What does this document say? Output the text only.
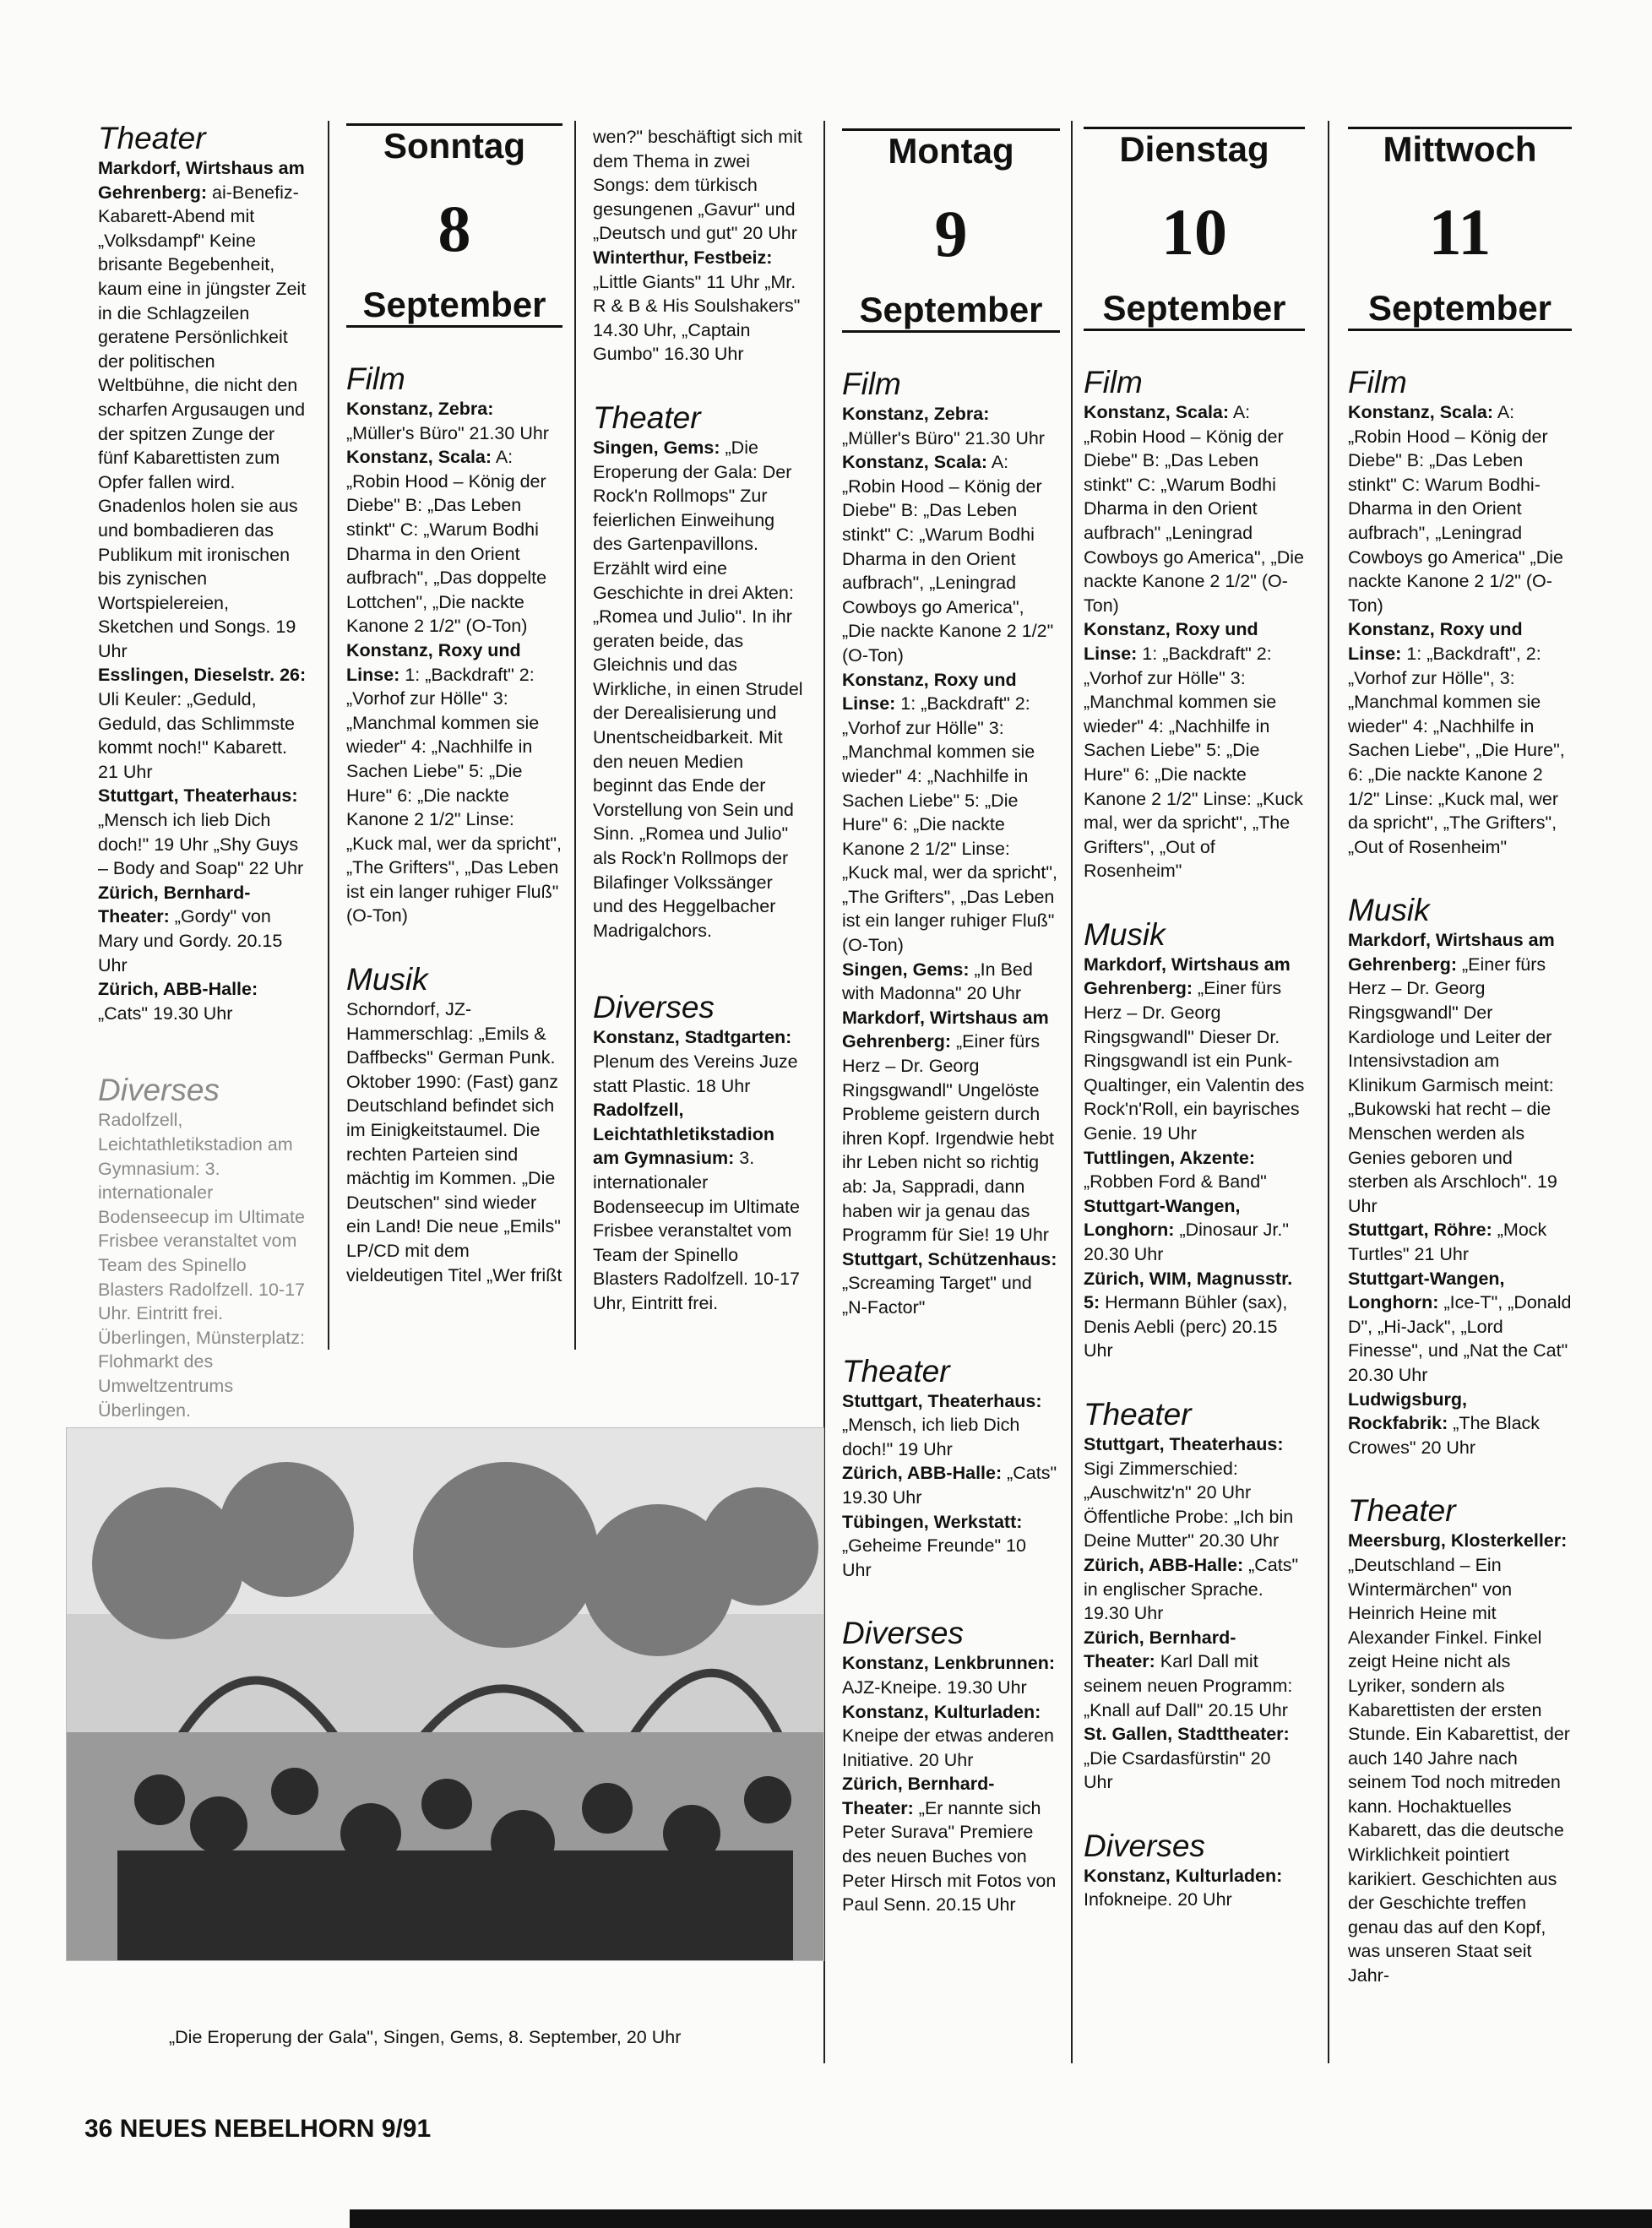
Theater

Markdorf, Wirtshaus am Gehrenberg: ai-Benefiz-Kabarett-Abend mit „Volksdampf" Keine brisante Begebenheit, kaum eine in jüngster Zeit in die Schlagzeilen geratene Persönlichkeit der politischen Weltbühne, die nicht den scharfen Argusaugen und der spitzen Zunge der fünf Kabarettisten zum Opfer fallen wird. Gnadenlos holen sie aus und bombadieren das Publikum mit ironischen bis zynischen Wortspielereien, Sketchen und Songs. 19 Uhr

Esslingen, Dieselstr. 26: Uli Keuler: „Geduld, Geduld, das Schlimmste kommt noch!" Kabarett. 21 Uhr

Stuttgart, Theaterhaus: „Mensch ich lieb Dich doch!" 19 Uhr „Shy Guys – Body and Soap" 22 Uhr

Zürich, Bernhard-Theater: „Gordy" von Mary und Gordy. 20.15 Uhr

Zürich, ABB-Halle: „Cats" 19.30 Uhr

Diverses

Radolfzell, Leichtathletikstadion am Gymnasium: 3. internationaler Bodenseecup im Ultimate Frisbee veranstaltet vom Team des Spinello Blasters Radolfzell. 10-17 Uhr. Eintritt frei. Überlingen, Münsterplatz: Flohmarkt des Umweltzentrums Überlingen.

Sonntag
8
September
Film

Konstanz, Zebra: „Müller's Büro" 21.30 Uhr

Konstanz, Scala: A: „Robin Hood – König der Diebe" B: „Das Leben stinkt" C: „Warum Bodhi Dharma in den Orient aufbrach", „Das doppelte Lottchen", „Die nackte Kanone 2 1/2" (O-Ton)

Konstanz, Roxy und Linse: 1: „Backdraft" 2: „Vorhof zur Hölle" 3: „Manchmal kommen sie wieder" 4: „Nachhilfe in Sachen Liebe" 5: „Die Hure" 6: „Die nackte Kanone 2 1/2" Linse: „Kuck mal, wer da spricht", „The Grifters", „Das Leben ist ein langer ruhiger Fluß" (O-Ton)

Musik

Schorndorf, JZ-Hammerschlag: „Emils & Daffbecks" German Punk. Oktober 1990: (Fast) ganz Deutschland befindet sich im Einigkeitstaumel. Die rechten Parteien sind mächtig im Kommen. „Die Deutschen" sind wieder ein Land! Die neue „Emils" LP/CD mit dem vieldeutigen Titel „Wer frißt

wen?" beschäftigt sich mit dem Thema in zwei Songs: dem türkisch gesungenen „Gavur" und „Deutsch und gut" 20 Uhr

Winterthur, Festbeiz: „Little Giants" 11 Uhr „Mr. R & B & His Soulshakers" 14.30 Uhr, „Captain Gumbo" 16.30 Uhr

Theater

Singen, Gems: „Die Eroperung der Gala: Der Rock'n Rollmops" Zur feierlichen Einweihung des Gartenpavillons. Erzählt wird eine Geschichte in drei Akten: „Romea und Julio". In ihr geraten beide, das Gleichnis und das Wirkliche, in einen Strudel der Derealisierung und Unentscheidbarkeit. Mit den neuen Medien beginnt das Ende der Vorstellung von Sein und Sinn. „Romea und Julio" als Rock'n Rollmops der Bilafinger Volkssänger und des Heggelbacher Madrigalchors.

Diverses

Konstanz, Stadtgarten: Plenum des Vereins Juze statt Plastic. 18 Uhr

Radolfzell, Leichtathletikstadion am Gymnasium: 3. internationaler Bodenseecup im Ultimate Frisbee veranstaltet vom Team der Spinello Blasters Radolfzell. 10-17 Uhr, Eintritt frei.

Montag
9
September
Film

Konstanz, Zebra: „Müller's Büro" 21.30 Uhr

Konstanz, Scala: A: „Robin Hood – König der Diebe" B: „Das Leben stinkt" C: „Warum Bodhi Dharma in den Orient aufbrach", „Leningrad Cowboys go America", „Die nackte Kanone 2 1/2" (O-Ton)

Konstanz, Roxy und Linse: 1: „Backdraft" 2: „Vorhof zur Hölle" 3: „Manchmal kommen sie wieder" 4: „Nachhilfe in Sachen Liebe" 5: „Die Hure" 6: „Die nackte Kanone 2 1/2" Linse: „Kuck mal, wer da spricht", „The Grifters", „Das Leben ist ein langer ruhiger Fluß" (O-Ton)

Singen, Gems: „In Bed with Madonna" 20 Uhr

Markdorf, Wirtshaus am Gehrenberg: „Einer fürs Herz – Dr. Georg Ringsgwandl" Ungelöste Probleme geistern durch ihren Kopf. Irgendwie hebt ihr Leben nicht so richtig ab: Ja, Sappradi, dann haben wir ja genau das Programm für Sie! 19 Uhr

Stuttgart, Schützenhaus: „Screaming Target" und „N-Factor"

Theater

Stuttgart, Theaterhaus: „Mensch, ich lieb Dich doch!" 19 Uhr

Zürich, ABB-Halle: „Cats" 19.30 Uhr

Tübingen, Werkstatt: „Geheime Freunde" 10 Uhr

Diverses

Konstanz, Lenkbrunnen: AJZ-Kneipe. 19.30 Uhr

Konstanz, Kulturladen: Kneipe der etwas anderen Initiative. 20 Uhr

Zürich, Bernhard-Theater: „Er nannte sich Peter Surava" Premiere des neuen Buches von Peter Hirsch mit Fotos von Paul Senn. 20.15 Uhr

Dienstag
10
September
Film

Konstanz, Scala: A: „Robin Hood – König der Diebe" B: „Das Leben stinkt" C: „Warum Bodhi Dharma in den Orient aufbrach" „Leningrad Cowboys go America", „Die nackte Kanone 2 1/2" (O-Ton)

Konstanz, Roxy und Linse: 1: „Backdraft" 2: „Vorhof zur Hölle" 3: „Manchmal kommen sie wieder" 4: „Nachhilfe in Sachen Liebe" 5: „Die Hure" 6: „Die nackte Kanone 2 1/2" Linse: „Kuck mal, wer da spricht", „The Grifters", „Out of Rosenheim"

Musik

Markdorf, Wirtshaus am Gehrenberg: „Einer fürs Herz – Dr. Georg Ringsgwandl" Dieser Dr. Ringsgwandl ist ein Punk-Qualtinger, ein Valentin des Rock'n'Roll, ein bayrisches Genie. 19 Uhr

Tuttlingen, Akzente: „Robben Ford & Band"

Stuttgart-Wangen, Longhorn: „Dinosaur Jr." 20.30 Uhr

Zürich, WIM, Magnusstr. 5: Hermann Bühler (sax), Denis Aebli (perc) 20.15 Uhr

Theater

Stuttgart, Theaterhaus: Sigi Zimmerschied: „Auschwitz'n" 20 Uhr Öffentliche Probe: „Ich bin Deine Mutter" 20.30 Uhr

Zürich, ABB-Halle: „Cats" in englischer Sprache. 19.30 Uhr

Zürich, Bernhard-Theater: Karl Dall mit seinem neuen Programm: „Knall auf Dall" 20.15 Uhr

St. Gallen, Stadttheater: „Die Csardasfürstin" 20 Uhr

Diverses

Konstanz, Kulturladen: Infokneipe. 20 Uhr

Mittwoch
11
September
Film

Konstanz, Scala: A: „Robin Hood – König der Diebe" B: „Das Leben stinkt" C: Warum Bodhi-Dharma in den Orient aufbrach", „Leningrad Cowboys go America" „Die nackte Kanone 2 1/2" (O-Ton)

Konstanz, Roxy und Linse: 1: „Backdraft", 2: „Vorhof zur Hölle", 3: „Manchmal kommen sie wieder" 4: „Nachhilfe in Sachen Liebe", „Die Hure", 6: „Die nackte Kanone 2 1/2" Linse: „Kuck mal, wer da spricht", „The Grifters", „Out of Rosenheim"

Musik

Markdorf, Wirtshaus am Gehrenberg: „Einer fürs Herz – Dr. Georg Ringsgwandl" Der Kardiologe und Leiter der Intensivstadion am Klinikum Garmisch meint: „Bukowski hat recht – die Menschen werden als Genies geboren und sterben als Arschloch". 19 Uhr

Stuttgart, Röhre: „Mock Turtles" 21 Uhr

Stuttgart-Wangen, Longhorn: „Ice-T", „Donald D", „Hi-Jack", „Lord Finesse", und „Nat the Cat" 20.30 Uhr

Ludwigsburg, Rockfabrik: „The Black Crowes" 20 Uhr

Theater

Meersburg, Klosterkeller: „Deutschland – Ein Wintermärchen" von Heinrich Heine mit Alexander Finkel. Finkel zeigt Heine nicht als Lyriker, sondern als Kabarettisten der ersten Stunde. Ein Kabarettist, der auch 140 Jahre nach seinem Tod noch mitreden kann. Hochaktuelles Kabarett, das die deutsche Wirklichkeit pointiert karikiert. Geschichten aus der Geschichte treffen genau das auf den Kopf, was unseren Staat seit Jahr-

„Die Eroperung der Gala", Singen, Gems, 8. September, 20 Uhr
36 NEUES NEBELHORN 9/91
